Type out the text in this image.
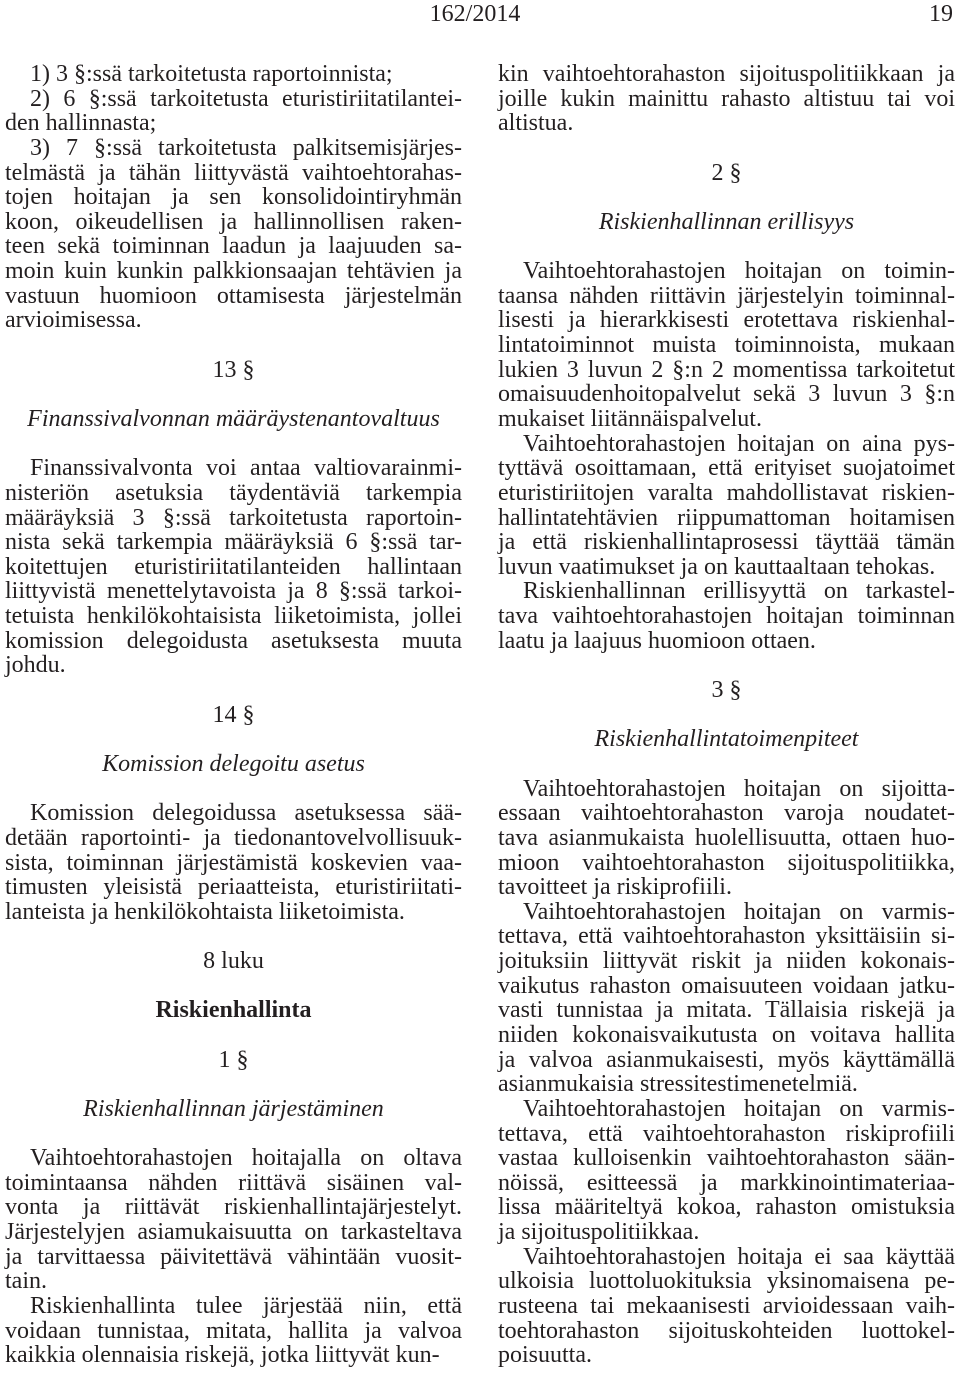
162/2014	19
1) 3 §:ssä tarkoitetusta raportoinnista;
2) 6 §:ssä tarkoitetusta eturistiriitatilantei-
den hallinnasta;
3) 7 §:ssä tarkoitetusta palkitsemisjärjes-
telmästä ja tähän liittyvästä vaihtoehtorahas-
tojen hoitajan ja sen konsolidointiryhmän
koon, oikeudellisen ja hallinnollisen raken-
teen sekä toiminnan laadun ja laajuuden sa-
moin kuin kunkin palkkionsaajan tehtävien ja
vastuun huomioon ottamisesta järjestelmän
arvioimisessa.
13 §
Finanssivalvonnan määräystenantovaltuus
Finanssivalvonta voi antaa valtiovarainmi-
nisteriön asetuksia täydentäviä tarkempia
määräyksiä 3 §:ssä tarkoitetusta raportoin-
nista sekä tarkempia määräyksiä 6 §:ssä tar-
koitettujen eturistiriitatilanteiden hallintaan
liittyvistä menettelytavoista ja 8 §:ssä tarkoi-
tetuista henkilökohtaisista liiketoimista, jollei
komission delegoidusta asetuksesta muuta
johdu.
14 §
Komission delegoitu asetus
Komission delegoidussa asetuksessa sää-
detään raportointi- ja tiedonantovelvollisuuk-
sista, toiminnan järjestämistä koskevien vaa-
timusten yleisistä periaatteista, eturistiriitati-
lanteista ja henkilökohtaista liiketoimista.
8 luku
Riskienhallinta
1 §
Riskienhallinnan järjestäminen
Vaihtoehtorahastojen hoitajalla on oltava
toimintaansa nähden riittävä sisäinen val-
vonta ja riittävät riskienhallintajärjestelyt.
Järjestelyjen asiamukaisuutta on tarkasteltava
ja tarvittaessa päivitettävä vähintään vuosit-
tain.
Riskienhallinta tulee järjestää niin, että
voidaan tunnistaa, mitata, hallita ja valvoa
kaikkia olennaisia riskejä, jotka liittyvät kun-
kin vaihtoehtorahaston sijoituspolitiikkaan ja
joille kukin mainittu rahasto altistuu tai voi
altistua.
2 §
Riskienhallinnan erillisyys
Vaihtoehtorahastojen hoitajan on toimin-
taansa nähden riittävin järjestelyin toiminnal-
lisesti ja hierarkkisesti erotettava riskienhal-
lintatoiminnot muista toiminnoista, mukaan
lukien 3 luvun 2 §:n 2 momentissa tarkoitetut
omaisuudenhoitopalvelut sekä 3 luvun 3 §:n
mukaiset liitännäispalvelut.
Vaihtoehtorahastojen hoitajan on aina pys-
tyttävä osoittamaan, että erityiset suojatoimet
eturistiriitojen varalta mahdollistavat riskien-
hallintatehtävien riippumattoman hoitamisen
ja että riskienhallintaprosessi täyttää tämän
luvun vaatimukset ja on kauttaaltaan tehokas.
Riskienhallinnan erillisyyttä on tarkastel-
tava vaihtoehtorahastojen hoitajan toiminnan
laatu ja laajuus huomioon ottaen.
3 §
Riskienhallintatoimenpiteet
Vaihtoehtorahastojen hoitajan on sijoitta-
essaan vaihtoehtorahaston varoja noudatet-
tava asianmukaista huolellisuutta, ottaen huo-
mioon vaihtoehtorahaston sijoituspolitiikka,
tavoitteet ja riskiprofiili.
Vaihtoehtorahastojen hoitajan on varmis-
tettava, että vaihtoehtorahaston yksittäisiin si-
joituksiin liittyvät riskit ja niiden kokonais-
vaikutus rahaston omaisuuteen voidaan jatku-
vasti tunnistaa ja mitata. Tällaisia riskejä ja
niiden kokonaisvaikutusta on voitava hallita
ja valvoa asianmukaisesti, myös käyttämällä
asianmukaisia stressitestimenetelmiä.
Vaihtoehtorahastojen hoitajan on varmis-
tettava, että vaihtoehtorahaston riskiprofiili
vastaa kulloisenkin vaihtoehtorahaston sään-
nöissä, esitteessä ja markkinointimateriaa-
lissa määriteltyä kokoa, rahaston omistuksia
ja sijoituspolitiikkaa.
Vaihtoehtorahastojen hoitaja ei saa käyttää
ulkoisia luottoluokituksia yksinomaisena pe-
rusteena tai mekaanisesti arvioidessaan vaih-
toehtorahaston sijoituskohteiden luottokel-
poisuutta.
